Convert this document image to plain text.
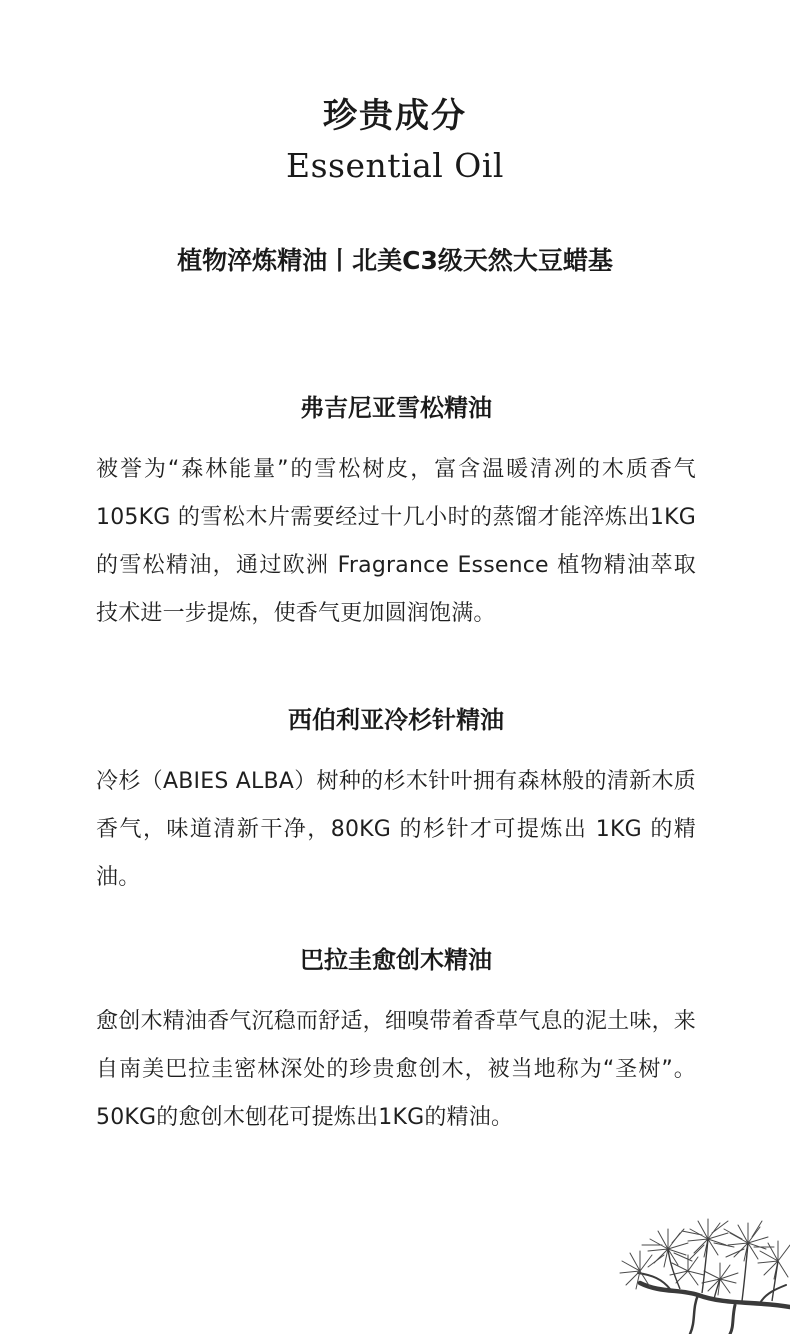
珍贵成分
Essential Oil
植物淬炼精油丨北美C3级天然大豆蜡基
弗吉尼亚雪松精油
被誉为“森林能量”的雪松树皮，富含温暖清冽的木质香气105KG 的雪松木片需要经过十几小时的蒸馏才能淬炼出1KG 的雪松精油，通过欧洲 Fragrance Essence 植物精油萃取技术进一步提炼，使香气更加圆润饱满。
西伯利亚冷杉针精油
冷杉（ABIES ALBA）树种的杉木针叶拥有森林般的清新木质香气，味道清新干净，80KG 的杉针才可提炼出 1KG 的精油。
巴拉圭愈创木精油
愈创木精油香气沉稳而舒适，细嗅带着香草气息的泥土味，来自南美巴拉圭密林深处的珍贵愈创木，被当地称为“圣树”。50KG的愈创木刨花可提炼出1KG的精油。
